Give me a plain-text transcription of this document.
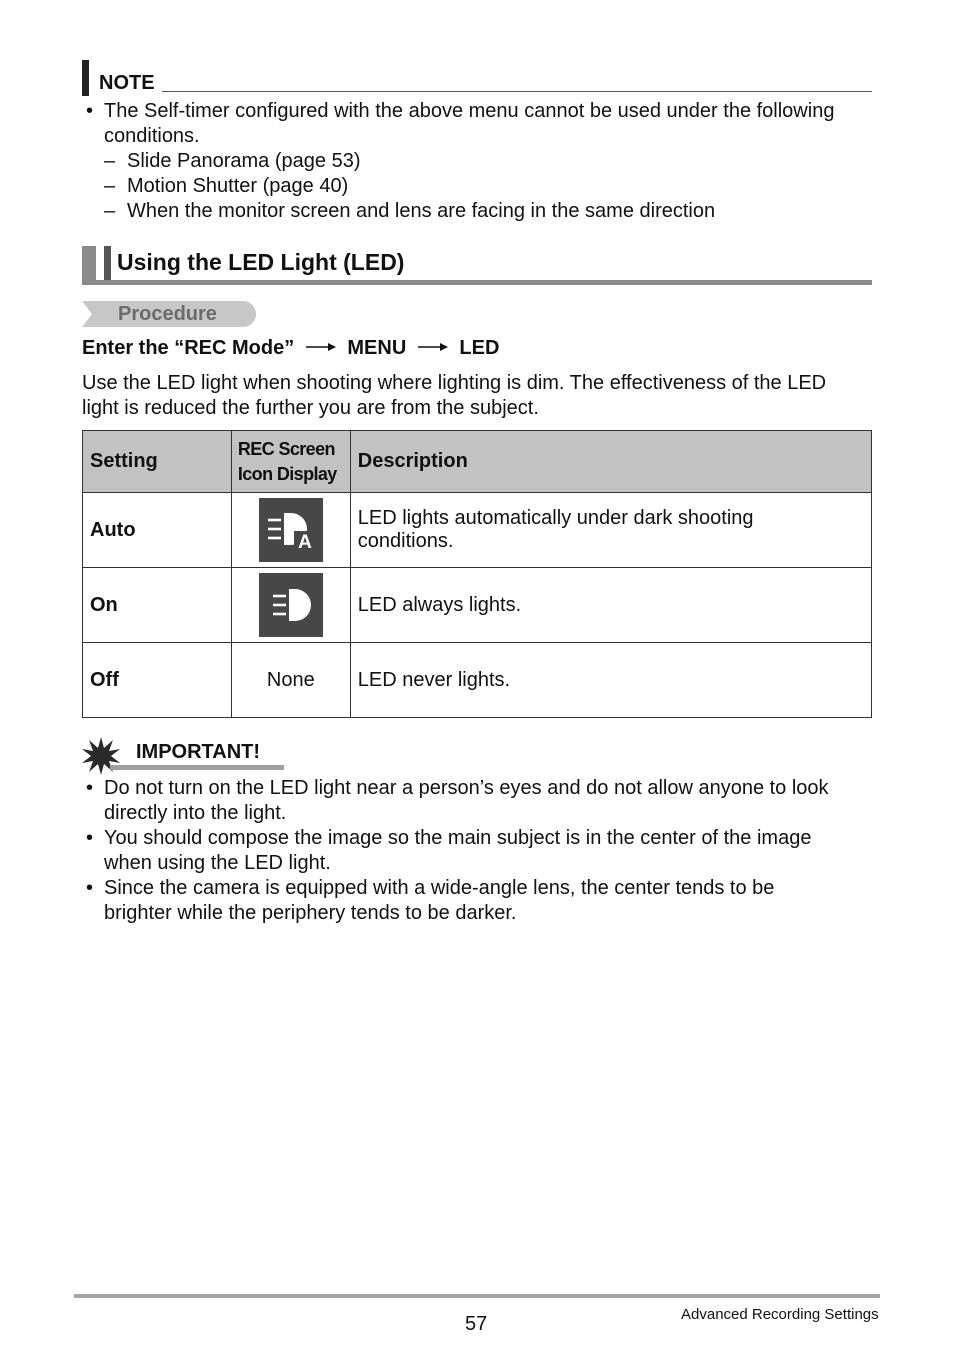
NOTE
• The Self-timer configured with the above menu cannot be used under the following
conditions.
– Slide Panorama (page 53)
– Motion Shutter (page 40)
– When the monitor screen and lens are facing in the same direction
Using the LED Light (LED)
Procedure
Enter the “REC Mode”	MENU	LED
Use the LED light when shooting where lighting is dim. The effectiveness of the LED
light is reduced the further you are from the subject.
Setting	REC Screen
Icon Display	Description
Auto	A	LED lights automatically under dark shooting
conditions.
On		LED always lights.
Off	None	LED never lights.
IMPORTANT!
• Do not turn on the LED light near a person’s eyes and do not allow anyone to look
directly into the light.
• You should compose the image so the main subject is in the center of the image
when using the LED light.
• Since the camera is equipped with a wide-angle lens, the center tends to be
brighter while the periphery tends to be darker.
57	Advanced Recording Settings
